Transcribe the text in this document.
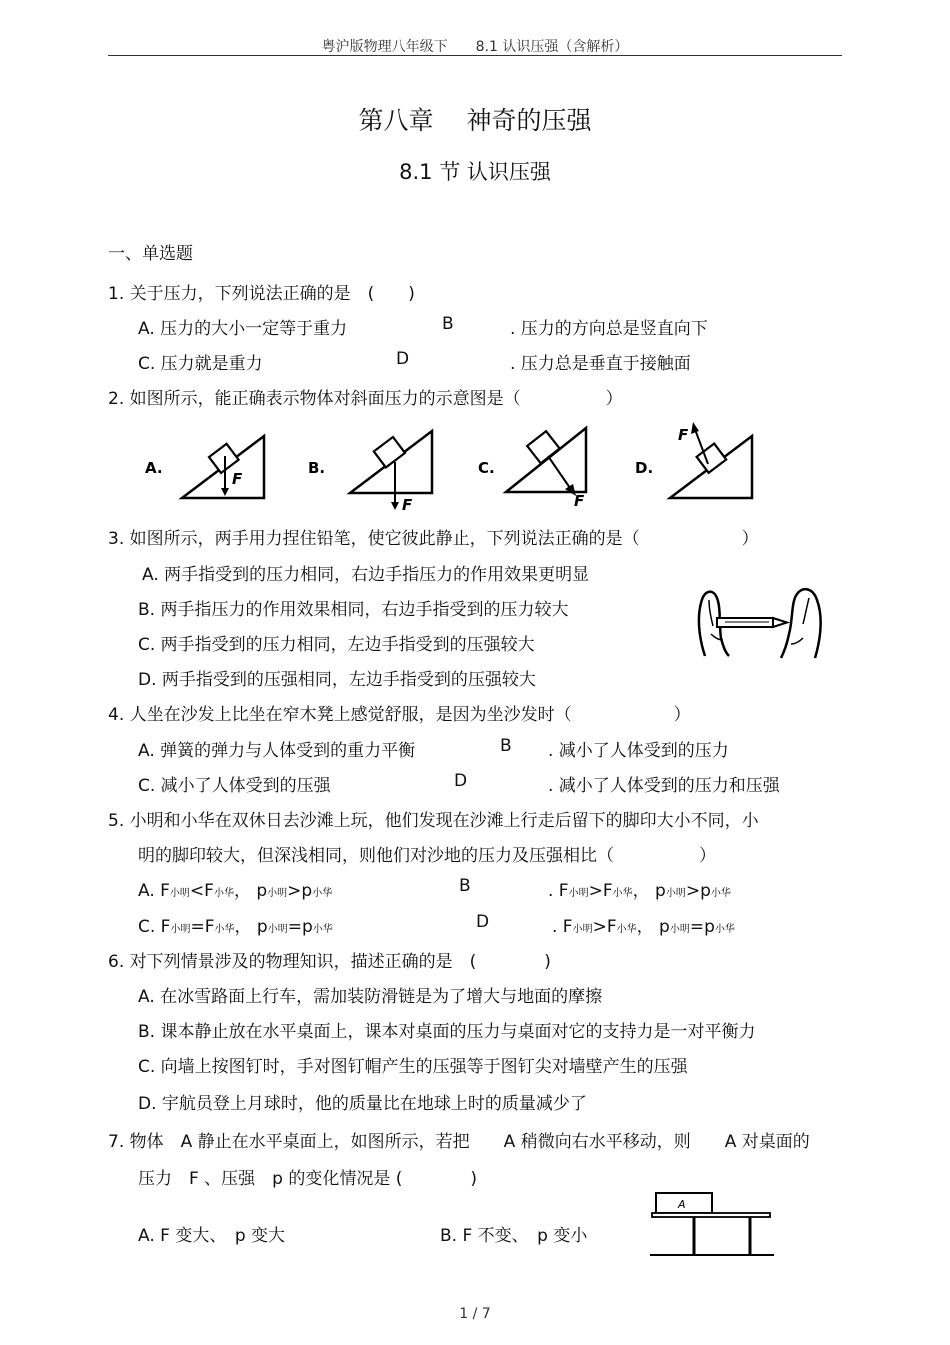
粤沪版物理八年级下　　8.1 认识压强（含解析）
第八章　 神奇的压强
8.1 节 认识压强
一、单选题
1. 关于压力，下列说法正确的是　(　　)
A. 压力的大小一定等于重力	B	. 压力的方向总是竖直向下
C. 压力就是重力	D	. 压力总是垂直于接触面
2. 如图所示，能正确表示物体对斜面压力的示意图是（　　　　　）
A.
F
B.
F
C.
F
D.
F
3. 如图所示，两手用力捏住铅笔，使它彼此静止，下列说法正确的是（　　　　　　）
A. 两手指受到的压力相同，右边手指压力的作用效果更明显
B. 两手指压力的作用效果相同，右边手指受到的压力较大
C. 两手指受到的压力相同，左边手指受到的压强较大
D. 两手指受到的压强相同，左边手指受到的压强较大
4. 人坐在沙发上比坐在窄木凳上感觉舒服，是因为坐沙发时（　　　　　　）
A. 弹簧的弹力与人体受到的重力平衡	B . 减小了人体受到的压力
C. 减小了人体受到的压强	D	. 减小了人体受到的压力和压强
5. 小明和小华在双休日去沙滩上玩，他们发现在沙滩上行走后留下的脚印大小不同，小
明的脚印较大，但深浅相同，则他们对沙地的压力及压强相比（　　　　　）
A. F小明<F小华， p小明>p小华	B	. F小明>F小华， p小明>p小华
C. F小明=F小华， p小明=p小华	D	. F小明>F小华， p小明=p小华
6. 对下列情景涉及的物理知识，描述正确的是　(　　　　)
A. 在冰雪路面上行车，需加装防滑链是为了增大与地面的摩擦
B. 课本静止放在水平桌面上，课本对桌面的压力与桌面对它的支持力是一对平衡力
C. 向墙上按图钉时，手对图钉帽产生的压强等于图钉尖对墙壁产生的压强
D. 宇航员登上月球时，他的质量比在地球上时的质量减少了
7. 物体　A 静止在水平桌面上，如图所示，若把　　A 稍微向右水平移动，则　　A 对桌面的
压力　F 、压强　p 的变化情况是 (　　　　)
A. F 变大、　p 变大	B. F 不变、　p 变小
A
1 / 7
